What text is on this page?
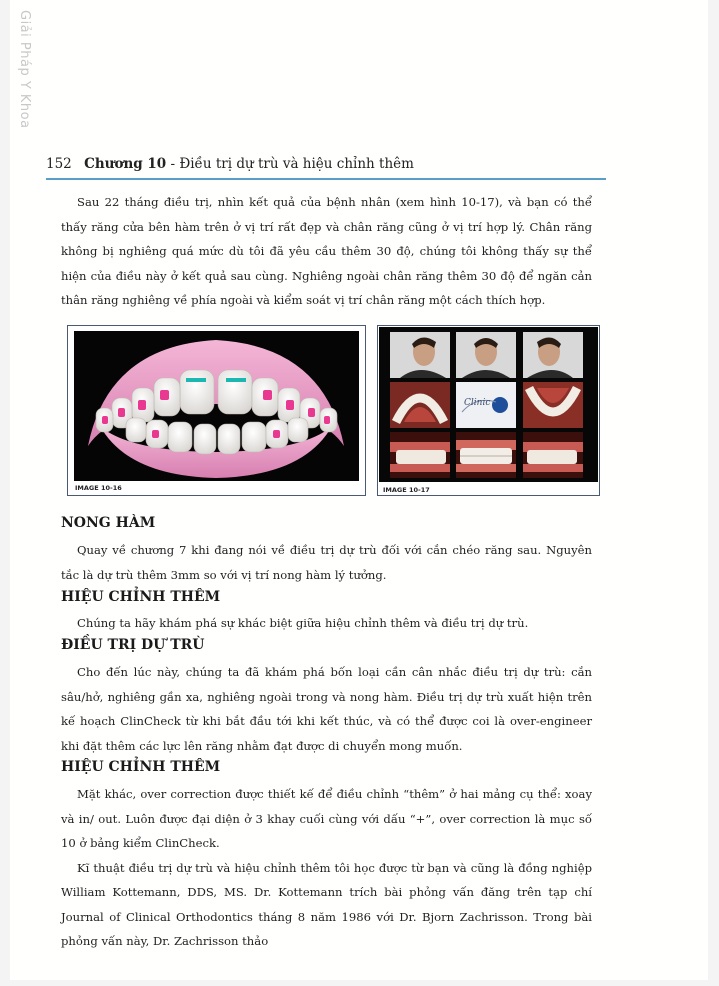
Giải Pháp Y Khoa
152 Chương 10 - Điều trị dự trù và hiệu chỉnh thêm

Sau 22 tháng điều trị, nhìn kết quả của bệnh nhân (xem hình 10-17), và bạn có thể thấy răng cửa bên hàm trên ở vị trí rất đẹp và chân răng cũng ở vị trí hợp lý. Chân răng không bị nghiêng quá mức dù tôi đã yêu cầu thêm 30 độ, chúng tôi không thấy sự thể hiện của điều này ở kết quả sau cùng. Nghiêng ngoài chân răng thêm 30 độ để ngăn cản thân răng nghiêng về phía ngoài và kiểm soát vị trí chân răng một cách thích hợp.

IMAGE 10-16
Clinic
IMAGE 10-17
NONG HÀM

Quay về chương 7 khi đang nói về điều trị dự trù đối với cắn chéo răng sau. Nguyên tắc là dự trù thêm 3mm so với vị trí nong hàm lý tưởng.

HIỆU CHỈNH THÊM

Chúng ta hãy khám phá sự khác biệt giữa hiệu chỉnh thêm và điều trị dự trù.

ĐIỀU TRỊ DỰ TRÙ

Cho đến lúc này, chúng ta đã khám phá bốn loại cần cân nhắc điều trị dự trù: cắn sâu/hở, nghiêng gần xa, nghiêng ngoài trong và nong hàm. Điều trị dự trù xuất hiện trên kế hoạch ClinCheck từ khi bắt đầu tới khi kết thúc, và có thể được coi là over-engineer khi đặt thêm các lực lên răng nhằm đạt được di chuyển mong muốn.

HIỆU CHỈNH THÊM

Mặt khác, over correction được thiết kế để điều chỉnh “thêm” ở hai mảng cụ thể: xoay và in/ out. Luôn được đại diện ở 3 khay cuối cùng với dấu “+”, over correction là mục số 10 ở bảng kiểm ClinCheck.

Kĩ thuật điều trị dự trù và hiệu chỉnh thêm tôi học được từ bạn và cũng là đồng nghiệp William Kottemann, DDS, MS. Dr. Kottemann trích bài phỏng vấn đăng trên tạp chí Journal of Clinical Orthodontics tháng 8 năm 1986 với Dr. Bjorn Zachrisson. Trong bài phỏng vấn này, Dr. Zachrisson thảo
